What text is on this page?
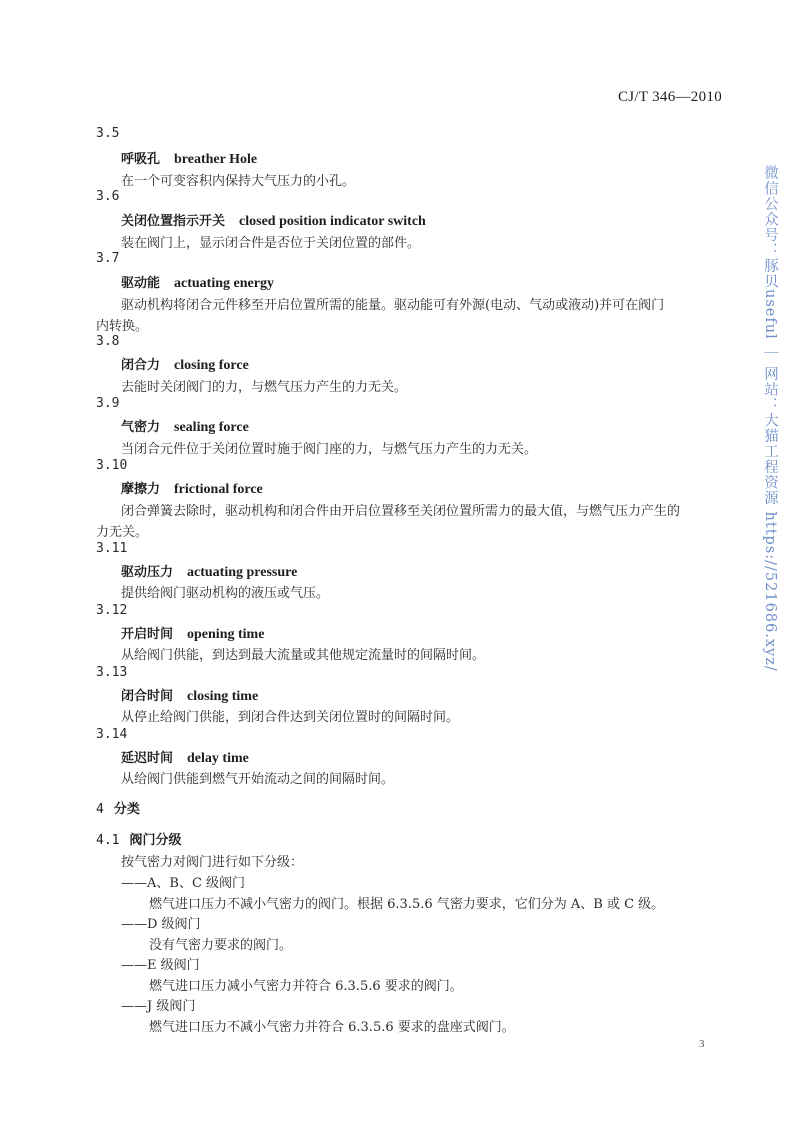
CJ/T 346—2010
3.5
呼吸孔 breather Hole
在一个可变容积内保持大气压力的小孔。
3.6
关闭位置指示开关 closed position indicator switch
装在阀门上，显示闭合件是否位于关闭位置的部件。
3.7
驱动能 actuating energy
驱动机构将闭合元件移至开启位置所需的能量。驱动能可有外源(电动、气动或液动)并可在阀门
内转换。
3.8
闭合力 closing force
去能时关闭阀门的力，与燃气压力产生的力无关。
3.9
气密力 sealing force
当闭合元件位于关闭位置时施于阀门座的力，与燃气压力产生的力无关。
3.10
摩擦力 frictional force
闭合弹簧去除时，驱动机构和闭合件由开启位置移至关闭位置所需力的最大值，与燃气压力产生的
力无关。
3.11
驱动压力 actuating pressure
提供给阀门驱动机构的液压或气压。
3.12
开启时间 opening time
从给阀门供能，到达到最大流量或其他规定流量时的间隔时间。
3.13
闭合时间 closing time
从停止给阀门供能，到闭合件达到关闭位置时的间隔时间。
3.14
延迟时间 delay time
从给阀门供能到燃气开始流动之间的间隔时间。
4 分类
4.1 阀门分级
按气密力对阀门进行如下分级：
——A、B、C 级阀门
燃气进口压力不减小气密力的阀门。根据 6.3.5.6 气密力要求，它们分为 A、B 或 C 级。
——D 级阀门
没有气密力要求的阀门。
——E 级阀门
燃气进口压力减小气密力并符合 6.3.5.6 要求的阀门。
——J 级阀门
燃气进口压力不减小气密力并符合 6.3.5.6 要求的盘座式阀门。
3
微信公众号：豚贝useful ｜ 网站：大猫工程资源 https://521686.xyz/
